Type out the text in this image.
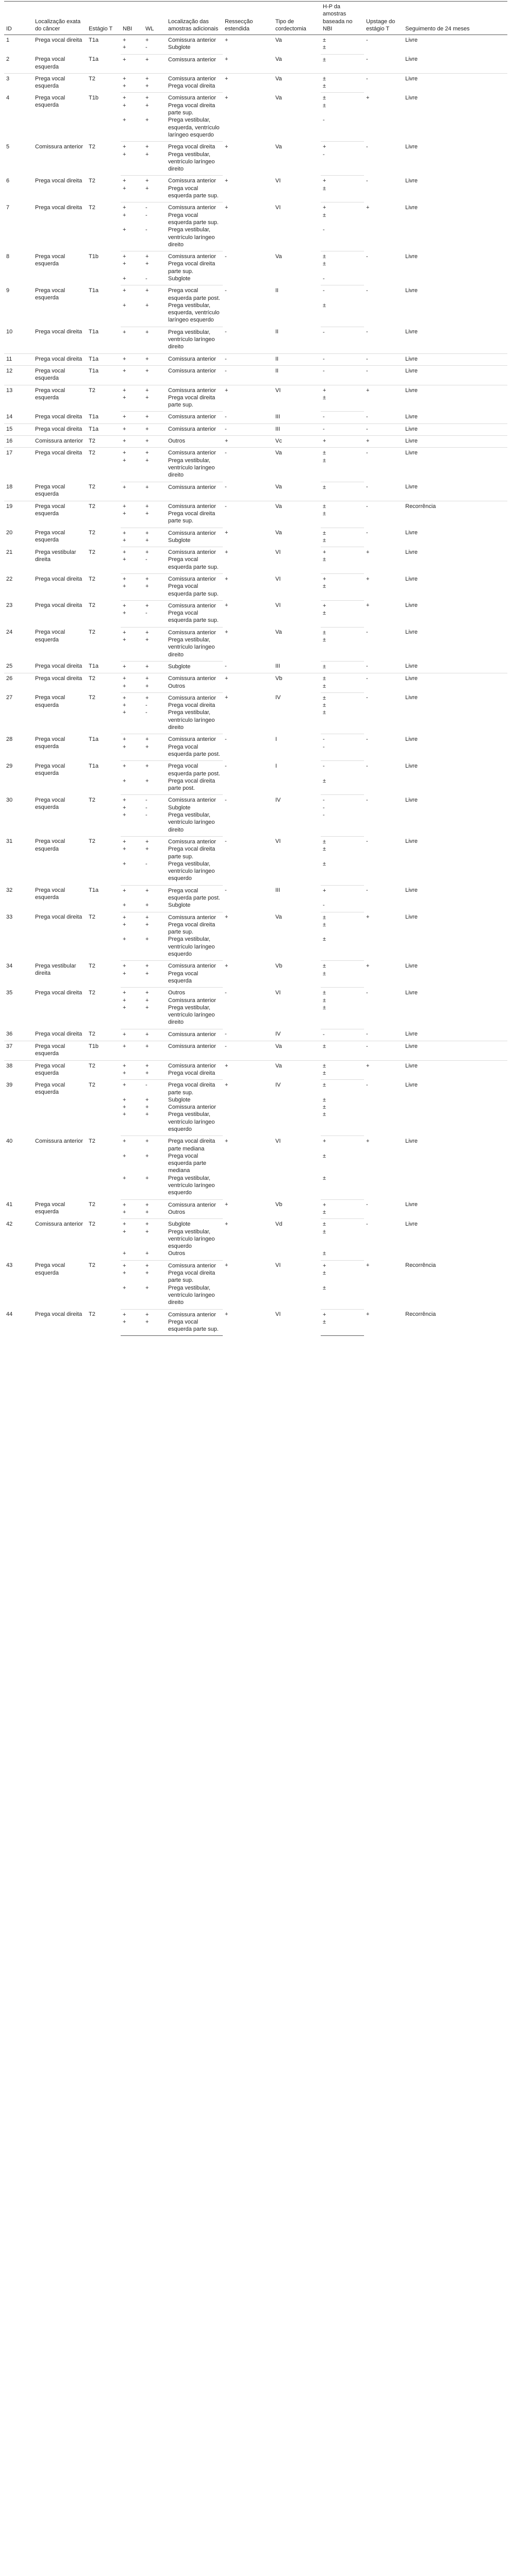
ID	Localização exata do câncer	Estágio T	NBI	WL	Localização das amostras adicionais	Ressecção estendida	Tipo de cordectomia	H-P da amostras baseada no NBI	Upstage do estágio T	Seguimento de 24 meses
1	Prega vocal direita	T1a	+	+	Comissura anterior	+	Va	±	-	Livre
			+	-	Subglote			±		
2	Prega vocal esquerda	T1a	+	+	Comissura anterior	+	Va	±	-	Livre
3	Prega vocal esquerda	T2	+	+	Comissura anterior	+	Va	±	-	Livre
			+	+	Prega vocal direita			±		
4	Prega vocal esquerda	T1b	+	+	Comissura anterior	+	Va	±	+	Livre
			+	+	Prega vocal direita parte sup.			±		
			+	+	Prega vestibular, esquerda, ventrículo laríngeo esquerdo			-		
5	Comissura anterior	T2	+	+	Prega vocal direita	+	Va	+	-	Livre
			+	+	Prega vestibular, ventrículo laríngeo direito			-		
6	Prega vocal direita	T2	+	+	Comissura anterior	+	VI	+	-	Livre
			+	+	Prega vocal esquerda parte sup.			±		
7	Prega vocal direita	T2	+	-	Comissura anterior	+	VI	+	+	Livre
			+	-	Prega vocal esquerda parte sup.			±		
			+	-	Prega vestibular, ventrículo laríngeo direito			-		
8	Prega vocal esquerda	T1b	+	+	Comissura anterior	-	Va	±	-	Livre
			+	+	Prega vocal direita parte sup.			±		
			+	-	Subglote			-		
9	Prega vocal esquerda	T1a	+	+	Prega vocal esquerda parte post.	-	II	-	-	Livre
			+	+	Prega vestibular, esquerda, ventrículo laríngeo esquerdo			±		
10	Prega vocal direita	T1a	+	+	Prega vestibular, ventrículo laríngeo direito	-	II	-	-	Livre
11	Prega vocal direita	T1a	+	+	Comissura anterior	-	II	-	-	Livre
12	Prega vocal esquerda	T1a	+	+	Comissura anterior	-	II	-	-	Livre
13	Prega vocal esquerda	T2	+	+	Comissura anterior	+	VI	+	+	Livre
			+	+	Prega vocal direita parte sup.			±		
14	Prega vocal direita	T1a	+	+	Comissura anterior	-	III	-	-	Livre
15	Prega vocal direita	T1a	+	+	Comissura anterior	-	III	-	-	Livre
16	Comissura anterior	T2	+	+	Outros	+	Vc	+	+	Livre
17	Prega vocal direita	T2	+	+	Comissura anterior	-	Va	±	-	Livre
			+	+	Prega vestibular, ventrículo laríngeo direito			±		
18	Prega vocal esquerda	T2	+	+	Comissura anterior	-	Va	±	-	Livre
19	Prega vocal esquerda	T2	+	+	Comissura anterior	-	Va	±	-	Recorrência
			+	+	Prega vocal direita parte sup.			±		
20	Prega vocal esquerda	T2	+	+	Comissura anterior	+	Va	±	-	Livre
			+	+	Subglote			±		
21	Prega vestibular direita	T2	+	+	Comissura anterior	+	VI	+	+	Livre
			+	-	Prega vocal esquerda parte sup.			±		
22	Prega vocal direita	T2	+	+	Comissura anterior	+	VI	+	+	Livre
			+	+	Prega vocal esquerda parte sup.			±		
23	Prega vocal direita	T2	+	+	Comissura anterior	+	VI	+	+	Livre
			+	-	Prega vocal esquerda parte sup.			±		
24	Prega vocal esquerda	T2	+	+	Comissura anterior	+	Va	±	-	Livre
			+	+	Prega vestibular, ventrículo laríngeo direito			±		
25	Prega vocal direita	T1a	+	+	Subglote	-	III	±	-	Livre
26	Prega vocal direita	T2	+	+	Comissura anterior	+	Vb	±	-	Livre
			+	+	Outros			±		
27	Prega vocal esquerda	T2	+	+	Comissura anterior	+	IV	±	-	Livre
			+	-	Prega vocal direita			±		
			+	-	Prega vestibular, ventrículo laríngeo direito			±		
28	Prega vocal esquerda	T1a	+	+	Comissura anterior	-	I	-	-	Livre
			+	+	Prega vocal esquerda parte post.			-		
29	Prega vocal esquerda	T1a	+	+	Prega vocal esquerda parte post.	-	I	-	-	Livre
			+	+	Prega vocal direita parte post.			±		
30	Prega vocal esquerda	T2	+	-	Comissura anterior	-	IV	-	-	Livre
			+	-	Subglote			-		
			+	-	Prega vestibular, ventrículo laríngeo direito			-		
31	Prega vocal esquerda	T2	+	+	Comissura anterior	-	VI	±	-	Livre
			+	+	Prega vocal direita parte sup.			±		
			+	-	Prega vestibular, ventrículo laríngeo esquerdo			±		
32	Prega vocal esquerda	T1a	+	+	Prega vocal esquerda parte post.	-	III	+	-	Livre
			+	+	Subglote			-		
33	Prega vocal direita	T2	+	+	Comissura anterior	+	Va	±	+	Livre
			+	+	Prega vocal direita parte sup.			±		
			+	+	Prega vestibular, ventrículo laríngeo esquerdo			±		
34	Prega vestibular direita	T2	+	+	Comissura anterior	+	Vb	±	+	Livre
			+	+	Prega vocal esquerda			±		
35	Prega vocal direita	T2	+	+	Outros	-	VI	±	-	Livre
			+	+	Comissura anterior			±		
			+	+	Prega vestibular, ventrículo laríngeo direito			±		
36	Prega vocal direita	T2	+	+	Comissura anterior	-	IV	-	-	Livre
37	Prega vocal esquerda	T1b	+	+	Comissura anterior	-	Va	±	-	Livre
38	Prega vocal esquerda	T2	+	+	Comissura anterior	+	Va	±	+	Livre
			+	+	Prega vocal direita			±		
39	Prega vocal esquerda	T2	+	-	Prega vocal direita parte sup.	+	IV	±	-	Livre
			+	+	Subglote			±		
			+	+	Comissura anterior			±		
			+	+	Prega vestibular, ventrículo laríngeo esquerdo			±		
40	Comissura anterior	T2	+	+	Prega vocal direita parte mediana	+	VI	+	+	Livre
			+	+	Prega vocal esquerda parte mediana			±		
			+	+	Prega vestibular, ventrículo laríngeo esquerdo			±		
41	Prega vocal esquerda	T2	+	+	Comissura anterior	+	Vb	+	-	Livre
			+	+	Outros			±		
42	Comissura anterior	T2	+	+	Subglote	+	Vd	±	-	Livre
			+	+	Prega vestibular, ventrículo laríngeo esquerdo			±		
			+	+	Outros			±		
43	Prega vocal esquerda	T2	+	+	Comissura anterior	+	VI	+	+	Recorrência
			+	+	Prega vocal direita parte sup.			±		
			+	+	Prega vestibular, ventrículo laríngeo direito			±		
44	Prega vocal direita	T2	+	+	Comissura anterior	+	VI	+	+	Recorrência
			+	+	Prega vocal esquerda parte sup.			±		
